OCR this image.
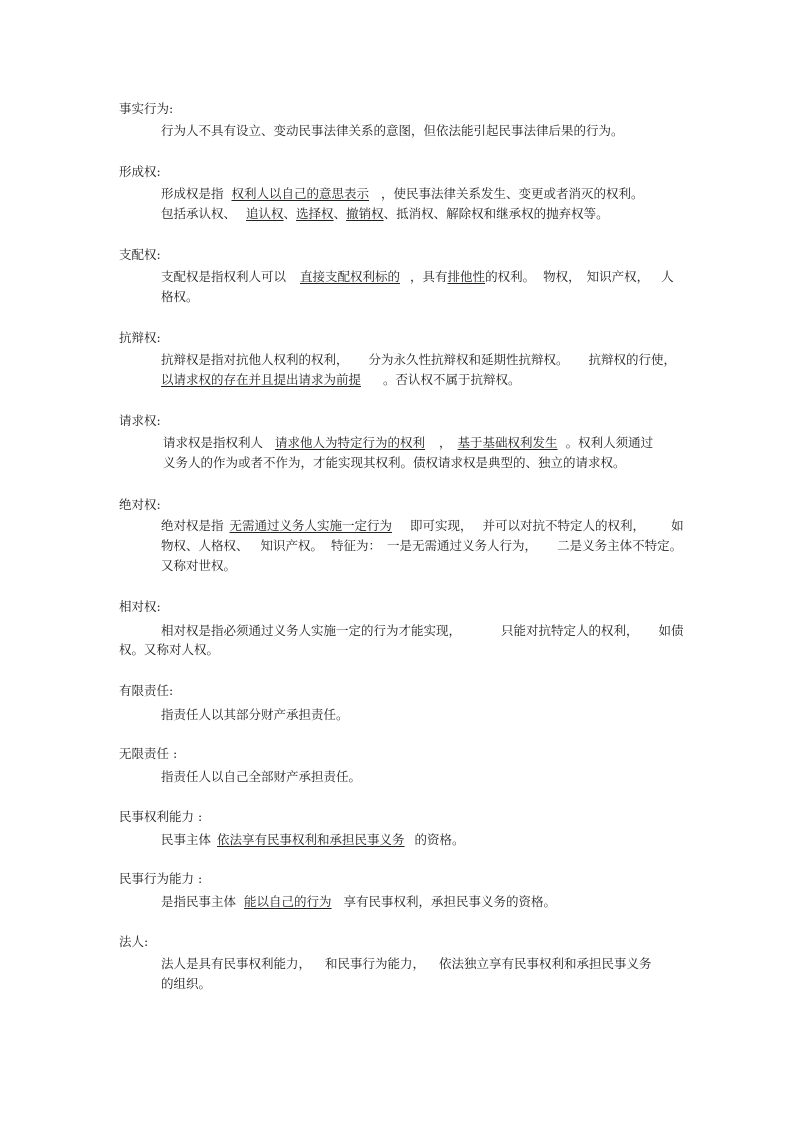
事实行为:
行为人不具有设立、变动民事法律关系的意图，但依法能引起民事法律后果的行为。
形成权:
形成权是指 权利人以自己的意思表示 ，使民事法律关系发生、变更或者消灭的权利。
包括承认权、 追认权、选择权、撤销权、抵消权、解除权和继承权的抛弃权等。
支配权:
支配权是指权利人可以 直接支配权利标的 ，具有排他性的权利。 物权， 知识产权， 人
格权。
抗辩权:
抗辩权是指对抗他人权利的权利， 分为永久性抗辩权和延期性抗辩权。 抗辩权的行使，
以请求权的存在并且提出请求为前提 。否认权不属于抗辩权。
请求权:
请求权是指权利人 请求他人为特定行为的权利 ， 基于基础权利发生 。权利人须通过
义务人的作为或者不作为，才能实现其权利。债权请求权是典型的、独立的请求权。
绝对权:
绝对权是指 无需通过义务人实施一定行为 即可实现， 并可以对抗不特定人的权利， 如
物权、人格权、 知识产权。 特征为： 一是无需通过义务人行为， 二是义务主体不特定。
又称对世权。
相对权:
相对权是指必须通过义务人实施一定的行为才能实现，	只能对抗特定人的权利， 如债
权。又称对人权。
有限责任:
指责任人以其部分财产承担责任。
无限责任 :
指责任人以自己全部财产承担责任。
民事权利能力 :
民事主体 依法享有民事权利和承担民事义务 的资格。
民事行为能力 :
是指民事主体 能以自己的行为 享有民事权利，承担民事义务的资格。
法人:
法人是具有民事权利能力， 和民事行为能力， 依法独立享有民事权利和承担民事义务
的组织。
